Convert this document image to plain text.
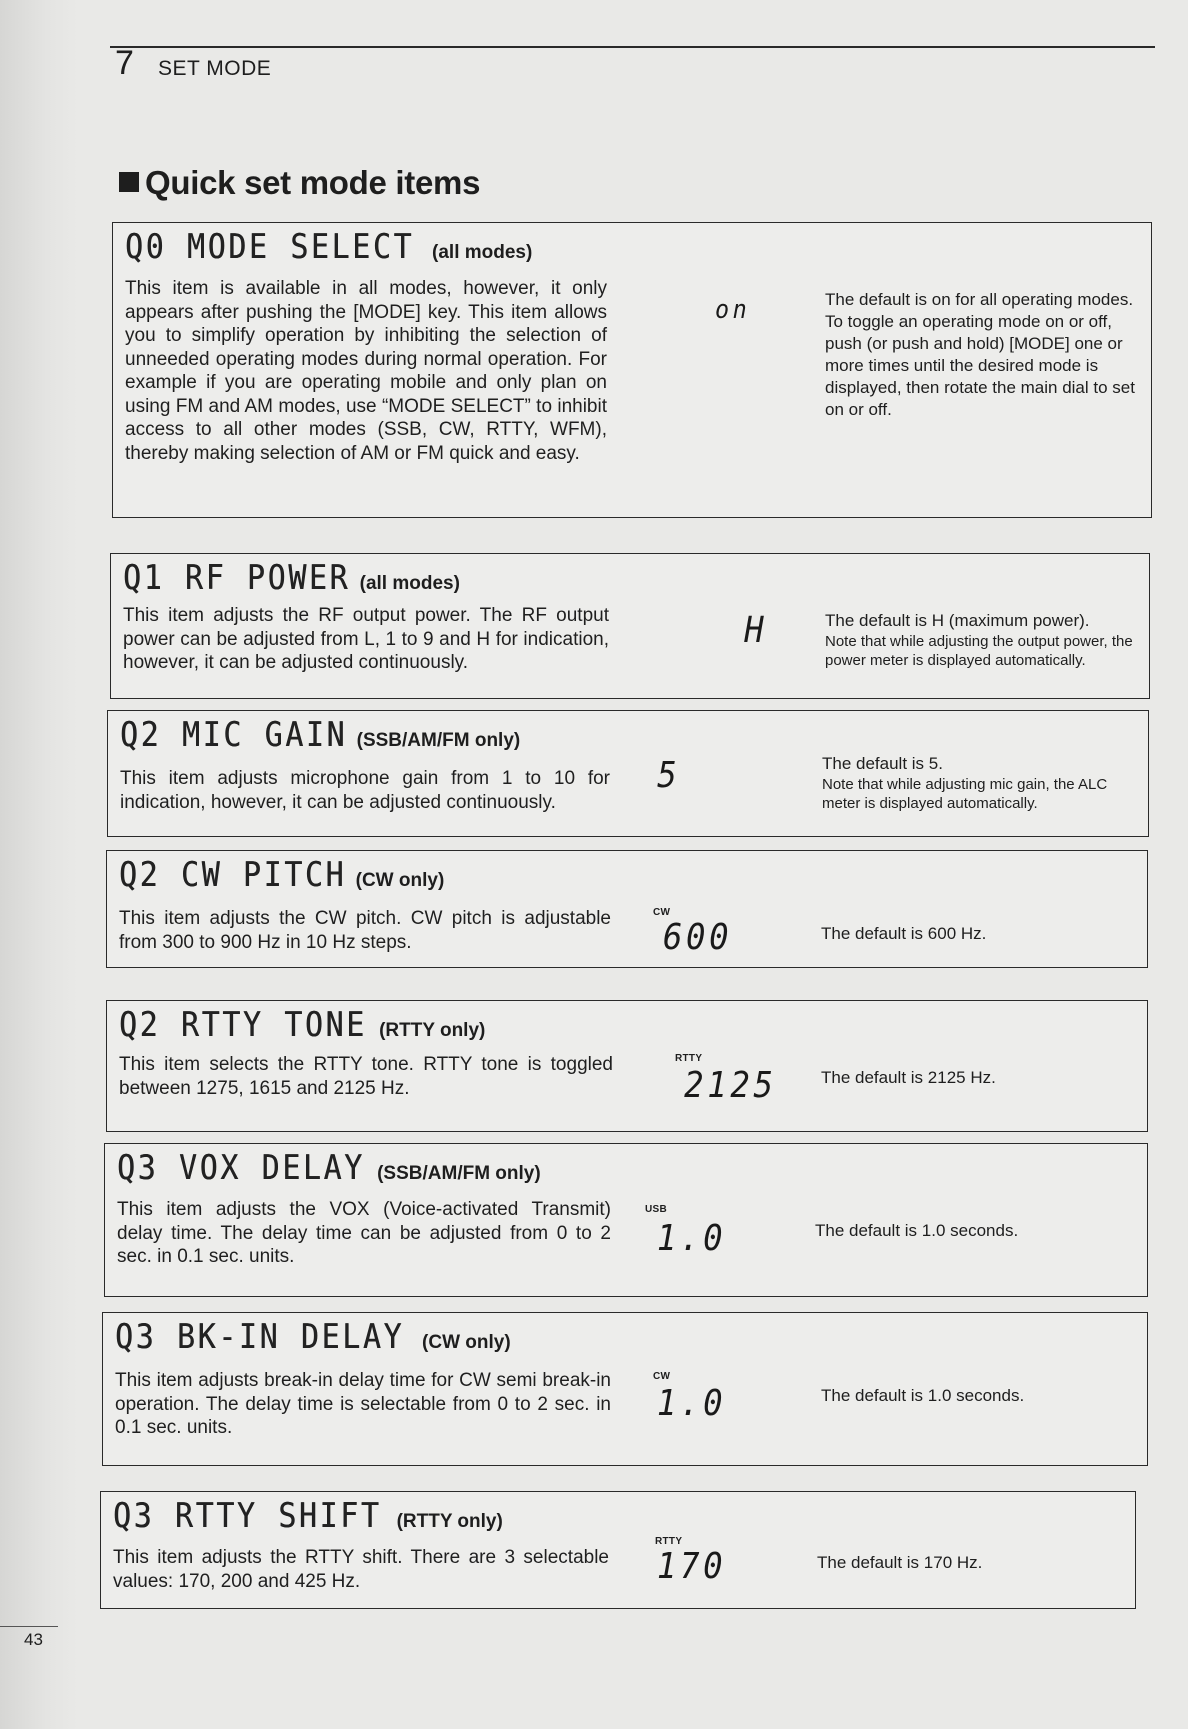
7 SET MODE
Quick set mode items
Q0 MODE SELECT (all modes)
This item is available in all modes, however, it only appears after pushing the [MODE] key. This item allows you to simplify operation by inhibiting the selection of unneeded operating modes during normal operation. For example if you are operating mobile and only plan on using FM and AM modes, use “MODE SELECT” to inhibit access to all other modes (SSB, CW, RTTY, WFM), thereby making selection of AM or FM quick and easy.
on	The default is on for all operating modes. To toggle an operating mode on or off, push (or push and hold) [MODE] one or more times until the desired mode is displayed, then rotate the main dial to set on or off.
Q1 RF POWER (all modes)
This item adjusts the RF output power. The RF output power can be adjusted from L, 1 to 9 and H for indication, however, it can be adjusted continuously.
H	The default is H (maximum power).
Note that while adjusting the output power, the power meter is displayed automatically.
Q2 MIC GAIN (SSB/AM/FM only)
This item adjusts microphone gain from 1 to 10 for indication, however, it can be adjusted continuously.
5	The default is 5.
Note that while adjusting mic gain, the ALC meter is displayed automatically.
Q2 CW PITCH (CW only)
This item adjusts the CW pitch. CW pitch is adjustable from 300 to 900 Hz in 10 Hz steps.
CW
600	The default is 600 Hz.
Q2 RTTY TONE (RTTY only)
This item selects the RTTY tone. RTTY tone is toggled between 1275, 1615 and 2125 Hz.
RTTY
2125	The default is 2125 Hz.
Q3 VOX DELAY (SSB/AM/FM only)
This item adjusts the VOX (Voice-activated Transmit) delay time. The delay time can be adjusted from 0 to 2 sec. in 0.1 sec. units.
USB
1.0	The default is 1.0 seconds.
Q3 BK-IN DELAY (CW only)
This item adjusts break-in delay time for CW semi break-in operation. The delay time is selectable from 0 to 2 sec. in 0.1 sec. units.
CW
1.0	The default is 1.0 seconds.
Q3 RTTY SHIFT (RTTY only)
This item adjusts the RTTY shift. There are 3 selectable values: 170, 200 and 425 Hz.
RTTY
170	The default is 170 Hz.
43
